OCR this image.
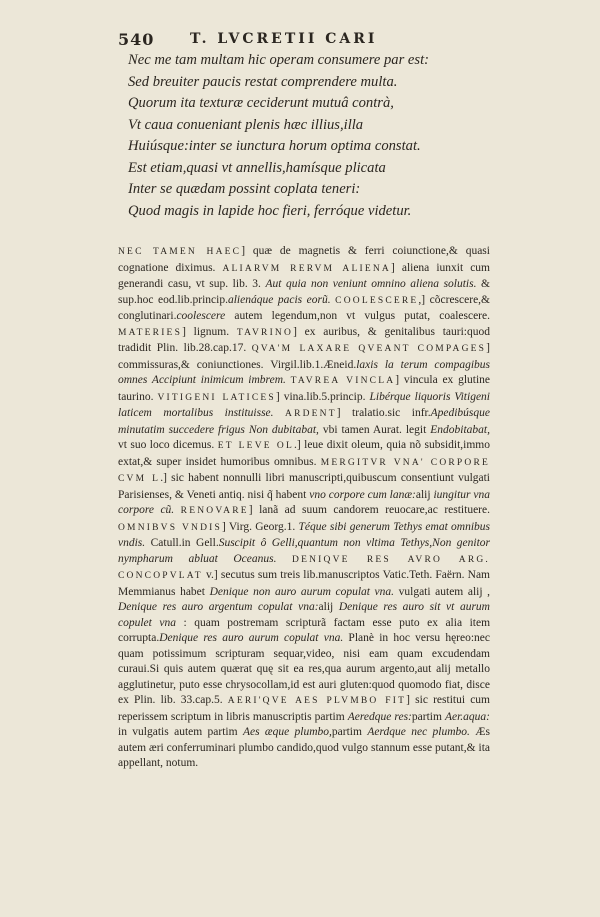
540	T. LVCRETII CARI
Nec me tam multam hic operam consumere par est:
Sed breuiter paucis restat comprendere multa.
Quorum ita texturæ ceciderunt mutuâ contrà,
Vt caua conueniant plenis hæc illius,illa
Huiúsque:inter se iunctura horum optima constat.
Est etiam,quasi vt annellis,hamísque plicata
Inter se quædam possint coplata teneri:
Quod magis in lapide hoc fieri, ferróque videtur.
NEC TAMEN HAEC] quæ de magnetis & ferri coiunctione,& quasi cognatione diximus. ALIARVM RERVM ALIENA] aliena iunxit cum generandi casu, vt sup. lib. 3. Aut quia non veniunt omnino aliena solutis. & sup.hoc eod.lib.princip.alienáque pacis eorũ. COOLESCERE,] cõcrescere,& conglutinari.coolescere autem legendum,non vt vulgus putat, coalescere. MATERIES] lignum. TAVRINO] ex auribus, & genitalibus tauri:quod tradidit Plin. lib.28.cap.17. QVA'M LAXARE QVEANT COMPAGES] commissuras,& coniunctiones. Virgil.lib.1.Æneid.laxis la terum compagibus omnes Accipiunt inimicum imbrem. TAVREA VINCLA] vincula ex glutine taurino. VITIGENI LATICES] vina.lib.5.princip. Libérque liquoris Vitigeni laticem mortalibus instituisse. ARDENT] tralatio.sic infr.Apedibúsque minutatim succedere frigus Non dubitabat, vbi tamen Aurat. legit Endobitabat, vt suo loco dicemus. ET LEVE OL.] leue dixit oleum, quia nõ subsidit,immo extat,& super insidet humoribus omnibus. MERGITVR VNA' CORPORE CVM L.] sic habent nonnulli libri manuscripti,quibuscum consentiunt vulgati Parisienses, & Veneti antiq. nisi q̃ habent vno corpore cum lanæ:alij iungitur vna corpore cũ. RENOVARE] lanã ad suum candorem reuocare,ac restituere. OMNIBVS VNDIS] Virg. Georg.1. Téque sibi generum Tethys emat omnibus vndis. Catull.in Gell.Suscipit ô Gelli,quantum non vltima Tethys,Non genitor nympharum abluat Oceanus. DENIQVE RES AVRO ARG. CONCOPVLAT v.] secutus sum treis lib.manuscriptos Vatic.Teth. Faërn. Nam Memmianus habet Denique non auro aurum copulat vna. vulgati autem alij , Denique res auro argentum copulat vna:alij Denique res auro sit vt aurum copulet vna : quam postremam scripturã factam esse puto ex alia item corrupta.Denique res auro aurum copulat vna. Planè in hoc versu hęreo:nec quam potissimum scripturam sequar,video, nisi eam quam excudendam curaui.Si quis autem quærat quę sit ea res,qua aurum argento,aut alij metallo agglutinetur, puto esse chrysocollam,id est auri gluten:quod quomodo fiat, disce ex Plin. lib. 33.cap.5. AERI'QVE AES PLVMBO FIT] sic restitui cum reperissem scriptum in libris manuscriptis partim Aeredque res:partim Aer.aqua: in vulgatis autem partim Aes æque plumbo,partim Aerdque nec plumbo. Æs autem æri conferruminari plumbo candido,quod vulgo stannum esse putant,& ita appellant, notum.
